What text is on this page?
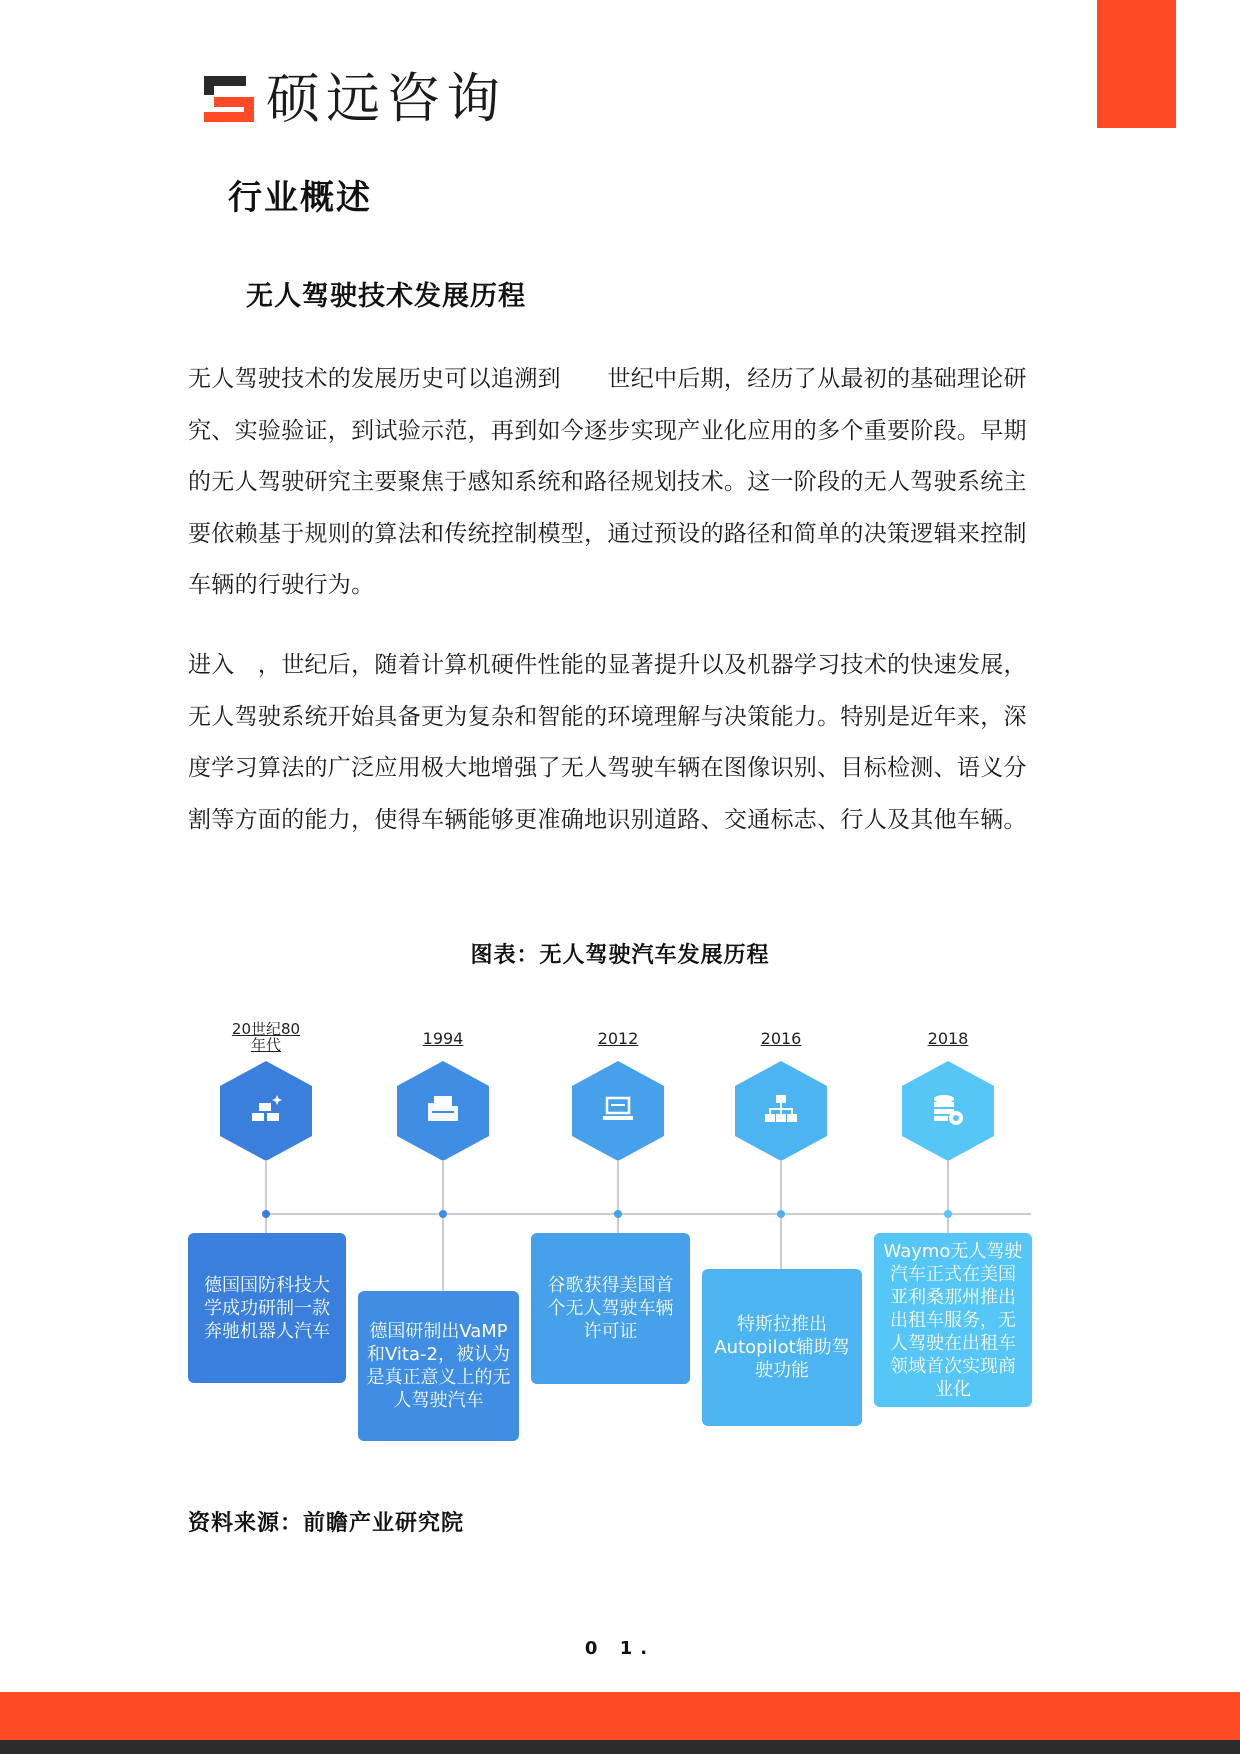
硕远咨询
行业概述
无人驾驶技术发展历程

无人驾驶技术的发展历史可以追溯到　　世纪中后期，经历了从最初的基础理论研究、实验验证，到试验示范，再到如今逐步实现产业化应用的多个重要阶段。早期的无人驾驶研究主要聚焦于感知系统和路径规划技术。这一阶段的无人驾驶系统主要依赖基于规则的算法和传统控制模型，通过预设的路径和简单的决策逻辑来控制车辆的行驶行为。

进入　，世纪后，随着计算机硬件性能的显著提升以及机器学习技术的快速发展，无人驾驶系统开始具备更为复杂和智能的环境理解与决策能力。特别是近年来，深度学习算法的广泛应用极大地增强了无人驾驶车辆在图像识别、目标检测、语义分割等方面的能力，使得车辆能够更准确地识别道路、交通标志、行人及其他车辆。

图表：无人驾驶汽车发展历程
20世纪80年代
德国国防科技大学成功研制一款奔驰机器人汽车
1994
德国研制出VaMP和Vita-2，被认为是真正意义上的无人驾驶汽车
2012
谷歌获得美国首个无人驾驶车辆许可证
2016
特斯拉推出Autopilot辅助驾驶功能
2018
Waymo无人驾驶汽车正式在美国亚利桑那州推出出租车服务，无人驾驶在出租车领域首次实现商业化
资料来源：前瞻产业研究院
0 1.
